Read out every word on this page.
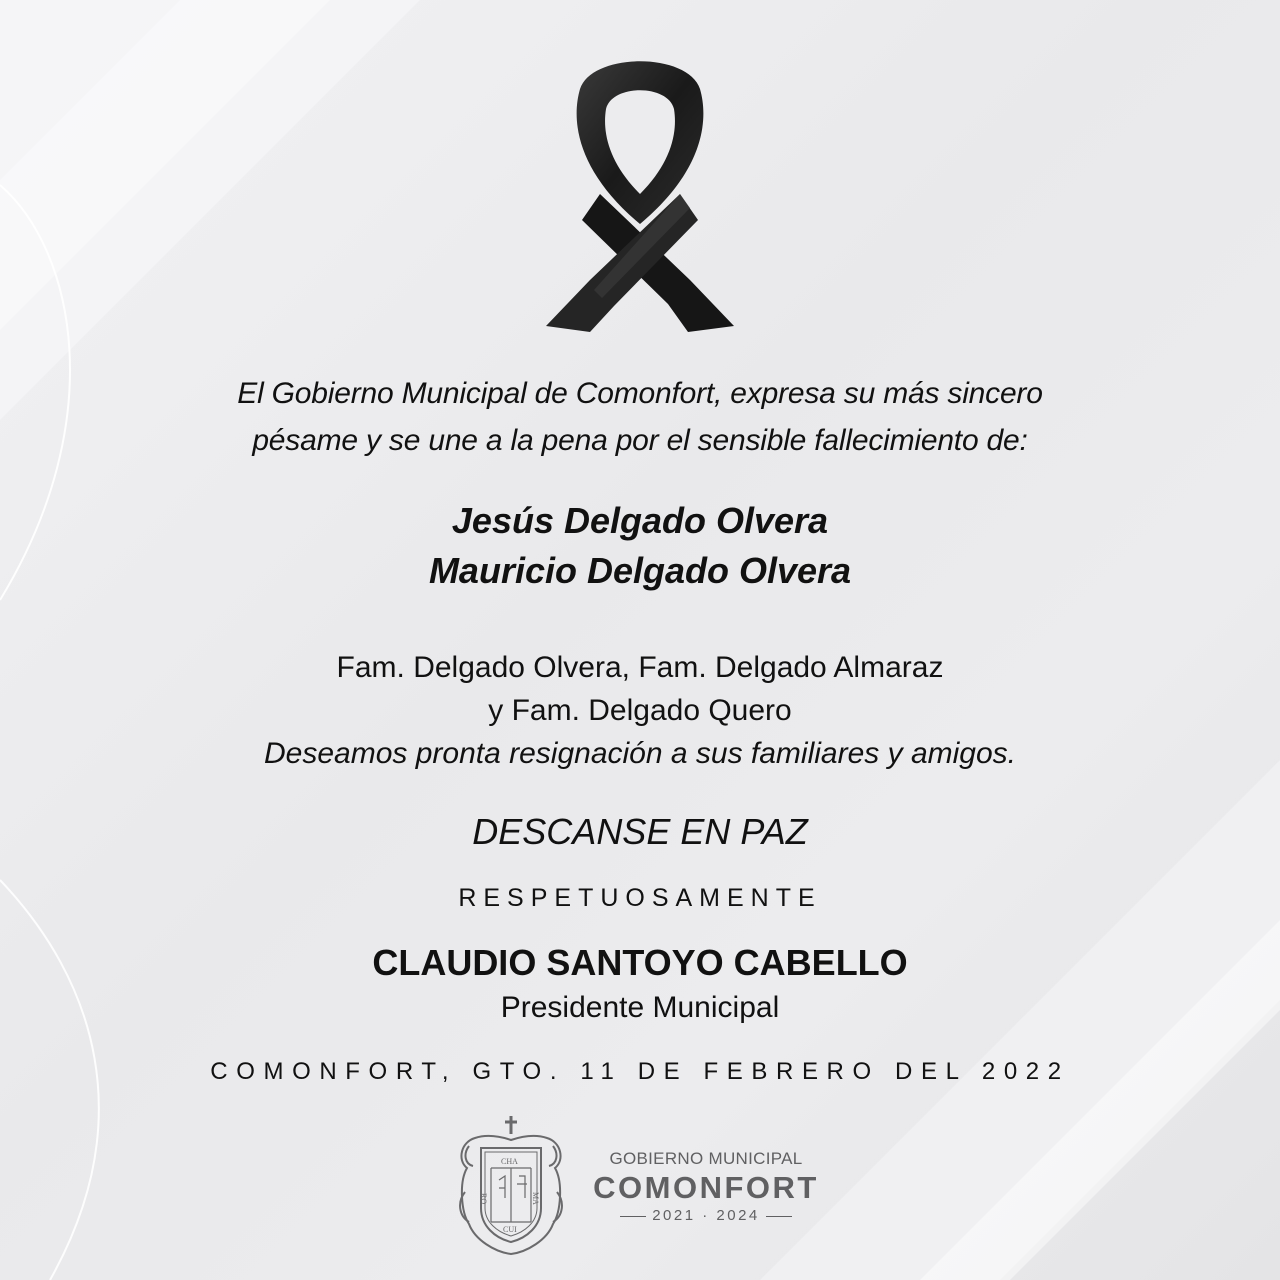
El Gobierno Municipal de Comonfort, expresa su más sincero
pésame y se une a la pena por el sensible fallecimiento de:
Jesús Delgado Olvera
Mauricio Delgado Olvera
Fam. Delgado Olvera, Fam. Delgado Almaraz
y Fam. Delgado Quero
Deseamos pronta resignación a sus familiares y amigos.
DESCANSE EN PAZ
RESPETUOSAMENTE
CLAUDIO SANTOYO CABELLO
Presidente Municipal
COMONFORT, GTO. 11 DE FEBRERO DEL 2022
CHA
RO	MA
CUI
GOBIERNO MUNICIPAL
COMONFORT
2021 · 2024
